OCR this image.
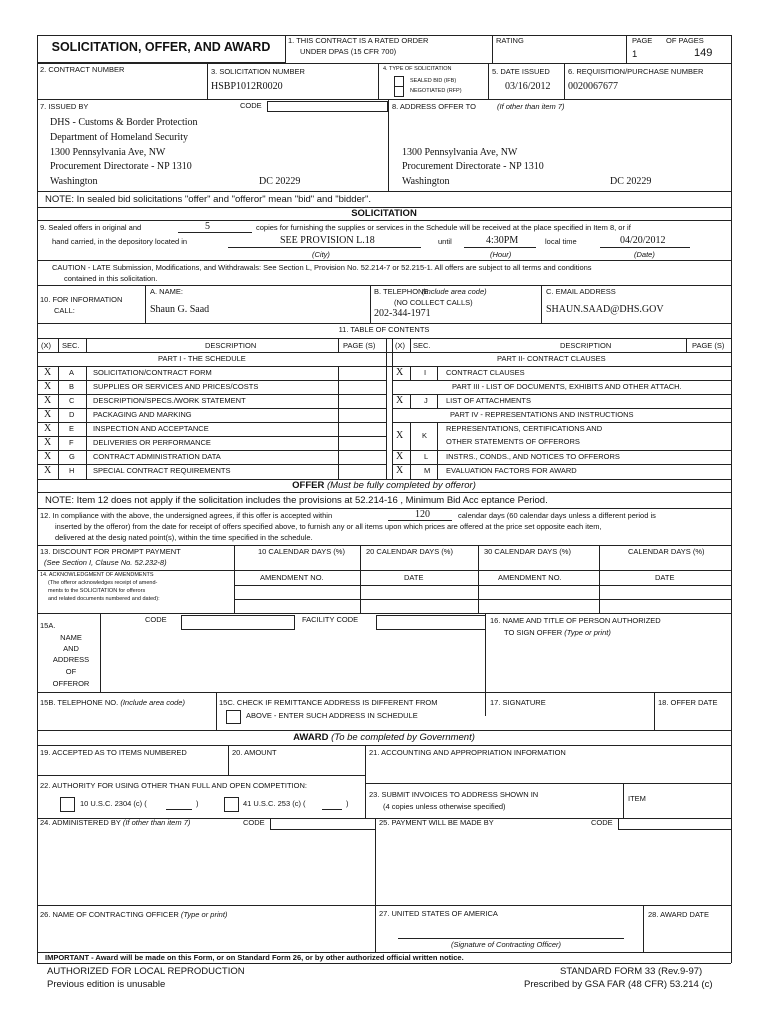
SOLICITATION, OFFER, AND AWARD	1. THIS CONTRACT IS A RATED ORDER
UNDER DPAS (15 CFR 700)
RATING	PAGE OF PAGES
1	149
2. CONTRACT NUMBER	3. SOLICITATION NUMBER
HSBP1012R0020
4. TYPE OF SOLICITATION
SEALED BID (IFB)
NEGOTIATED (RFP)
5. DATE ISSUED
03/16/2012
6. REQUISITION/PURCHASE NUMBER
0020067677
7. ISSUED BY	CODE	8. ADDRESS OFFER TO	(If other than item 7)
DHS - Customs & Border Protection
Department of Homeland Security
1300 Pennsylvania Ave, NW
Procurement Directorate - NP 1310
Washington	DC 20229
1300 Pennsylvania Ave, NW
Procurement Directorate - NP 1310
Washington	DC 20229
NOTE: In sealed bid solicitations "offer" and "offeror" mean "bid" and "bidder".
SOLICITATION
9. Sealed offers in original and	5	copies for furnishing the supplies or services in the Schedule will be received at the place specified in Item 8, or if
hand carried, in the depository located in	SEE PROVISION L.18	until	4:30PM	local time	04/20/2012
(City)	(Hour)	(Date)
CAUTION - LATE Submission, Modifications, and Withdrawals: See Section L, Provision No. 52.214-7 or 52.215-1. All offers are subject to all terms and conditions
contained in this solicitation.
10. FOR INFORMATION
CALL:
A. NAME:
Shaun G. Saad
B. TELEPHONE
(Include area code)
(NO COLLECT CALLS)
202-344-1971
C. EMAIL ADDRESS
SHAUN.SAAD@DHS.GOV
11. TABLE OF CONTENTS
(X) SEC.	DESCRIPTION	PAGE (S)	(X) SEC.	DESCRIPTION	PAGE (S)
PART I - THE SCHEDULE	PART II- CONTRACT CLAUSES
X A	SOLICITATION/CONTRACT FORM
X B	SUPPLIES OR SERVICES AND PRICES/COSTS
X C DESCRIPTION/SPECS./WORK STATEMENT
X D PACKAGING AND MARKING
X E	INSPECTION AND ACCEPTANCE
X F	DELIVERIES OR PERFORMANCE
X G CONTRACT ADMINISTRATION DATA
X H SPECIAL CONTRACT REQUIREMENTS
X	I	CONTRACT CLAUSES
PART III - LIST OF DOCUMENTS, EXHIBITS AND OTHER ATTACH.
X	J LIST OF ATTACHMENTS
PART IV - REPRESENTATIONS AND INSTRUCTIONS
X	K
REPRESENTATIONS, CERTIFICATIONS AND
OTHER STATEMENTS OF OFFERORS
X	L INSTRS., CONDS., AND NOTICES TO OFFERORS
X	M EVALUATION FACTORS FOR AWARD
OFFER (Must be fully completed by offeror)
NOTE: Item 12 does not apply if the solicitation includes the provisions at 52.214-16 , Minimum Bid Acc eptance Period.
12. In compliance with the above, the undersigned agrees, if this offer is accepted within	120	calendar days (60 calendar days unless a different period is
inserted by the offeror) from the date for receipt of offers specified above, to furnish any or all items upon which prices are offered at the price set opposite each item,
delivered at the desig nated point(s), within the time specified in the schedule.
13. DISCOUNT FOR PROMPT PAYMENT
(See Section I, Clause No. 52.232-8)
10 CALENDAR DAYS (%)	20 CALENDAR DAYS (%)	30 CALENDAR DAYS (%)	CALENDAR DAYS (%)
14. ACKNOWLEDGMENT OF AMENDMENTS
(The offeror acknowledges receipt of amend-
ments to the SOLICITATION for offerors
and related documents numbered and dated):
AMENDMENT NO.	DATE	AMENDMENT NO.	DATE
15A.
NAME
AND
ADDRESS
OF
OFFEROR
CODE	FACILITY CODE	16. NAME AND TITLE OF PERSON AUTHORIZED
TO SIGN OFFER (Type or print)
15B. TELEPHONE NO. (Include area code)	15C. CHECK IF REMITTANCE ADDRESS IS DIFFERENT FROM
ABOVE - ENTER SUCH ADDRESS IN SCHEDULE
17. SIGNATURE	18. OFFER DATE
AWARD (To be completed by Government)
19. ACCEPTED AS TO ITEMS NUMBERED	20. AMOUNT	21. ACCOUNTING AND APPROPRIATION INFORMATION
22. AUTHORITY FOR USING OTHER THAN FULL AND OPEN COMPETITION:
10 U.S.C. 2304 (c) (	)	41 U.S.C. 253 (c) (	)
23. SUBMIT INVOICES TO ADDRESS SHOWN IN
(4 copies unless otherwise specified)
ITEM
24. ADMINISTERED BY (If other than item 7)	CODE	25. PAYMENT WILL BE MADE BY	CODE
26. NAME OF CONTRACTING OFFICER (Type or print)	27. UNITED STATES OF AMERICA
(Signature of Contracting Officer)
28. AWARD DATE
IMPORTANT - Award will be made on this Form, or on Standard Form 26, or by other authorized official written notice.
AUTHORIZED FOR LOCAL REPRODUCTION
Previous edition is unusable
STANDARD FORM 33 (Rev.9-97)
Prescribed by GSA FAR (48 CFR) 53.214 (c)
